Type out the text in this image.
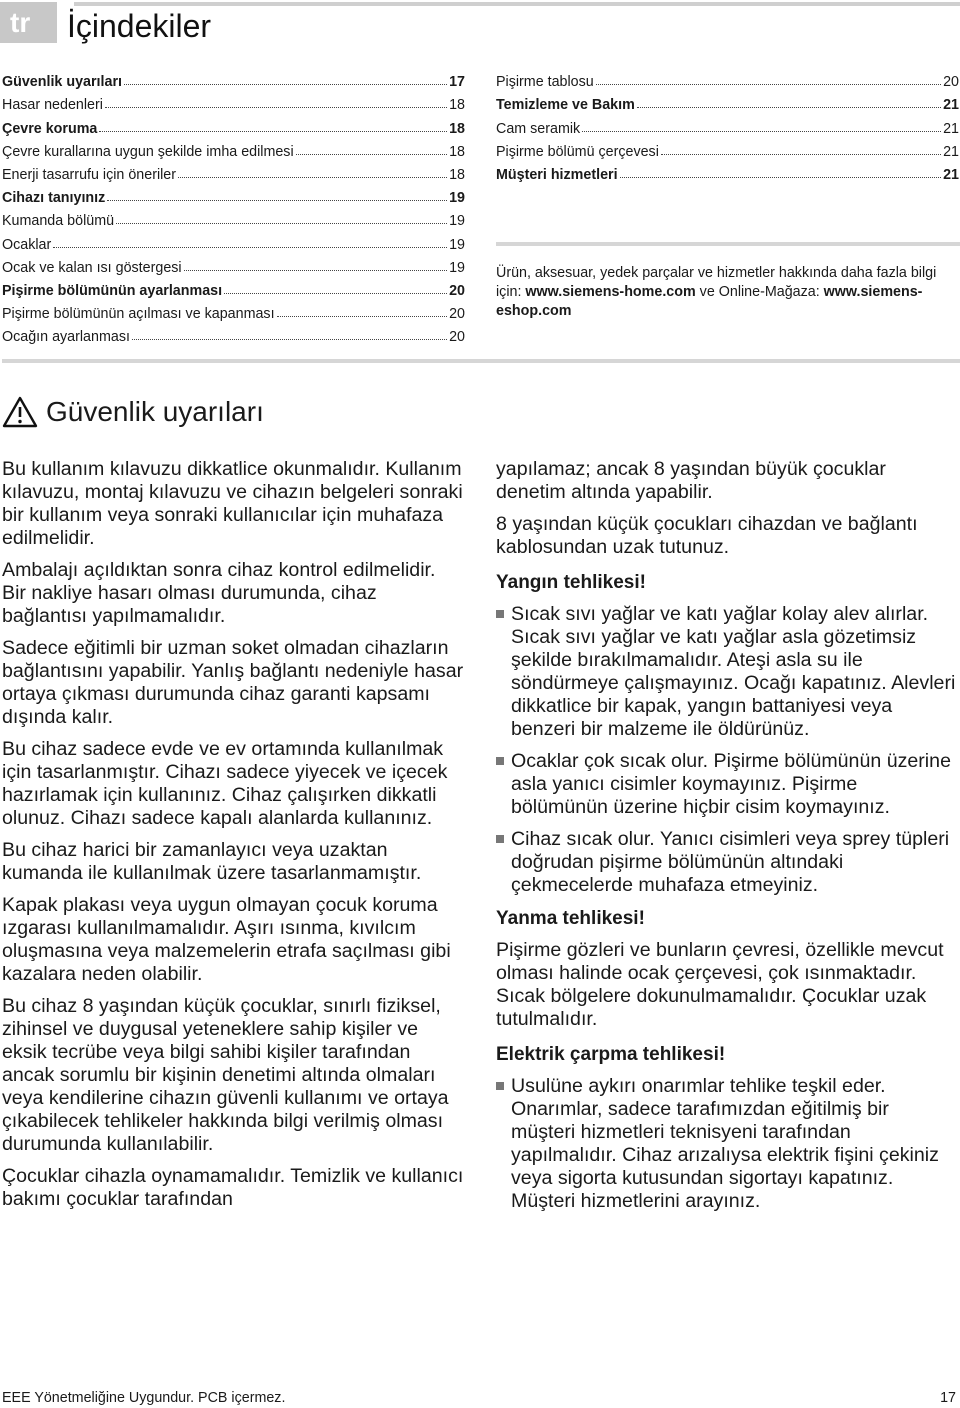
tr	İçindekiler
Güvenlik uyarıları	17
Hasar nedenleri	18
Çevre koruma	18
Çevre kurallarına uygun şekilde imha edilmesi	18
Enerji tasarrufu için öneriler	18
Cihazı tanıyınız	19
Kumanda bölümü	19
Ocaklar	19
Ocak ve kalan ısı göstergesi	19
Pişirme bölümünün ayarlanması	20
Pişirme bölümünün açılması ve kapanması	20
Ocağın ayarlanması	20
Pişirme tablosu	20
Temizleme ve Bakım	21
Cam seramik	21
Pişirme bölümü çerçevesi	21
Müşteri hizmetleri	21
Ürün, aksesuar, yedek parçalar ve hizmetler hakkında daha fazla bilgi için: www.siemens-home.com ve Online-Mağaza: www.siemens-eshop.com
Güvenlik uyarıları

Bu kullanım kılavuzu dikkatlice okunmalıdır. Kullanım kılavuzu, montaj kılavuzu ve cihazın belgeleri sonraki bir kullanım veya sonraki kullanıcılar için muhafaza edilmelidir.

Ambalajı açıldıktan sonra cihaz kontrol edilmelidir. Bir nakliye hasarı olması durumunda, cihaz bağlantısı yapılmamalıdır.

Sadece eğitimli bir uzman soket olmadan cihazların bağlantısını yapabilir. Yanlış bağlantı nedeniyle hasar ortaya çıkması durumunda cihaz garanti kapsamı dışında kalır.

Bu cihaz sadece evde ve ev ortamında kullanılmak için tasarlanmıştır. Cihazı sadece yiyecek ve içecek hazırlamak için kullanınız. Cihaz çalışırken dikkatli olunuz. Cihazı sadece kapalı alanlarda kullanınız.

Bu cihaz harici bir zamanlayıcı veya uzaktan kumanda ile kullanılmak üzere tasarlanmamıştır.

Kapak plakası veya uygun olmayan çocuk koruma ızgarası kullanılmamalıdır. Aşırı ısınma, kıvılcım oluşmasına veya malzemelerin etrafa saçılması gibi kazalara neden olabilir.

Bu cihaz 8 yaşından küçük çocuklar, sınırlı fiziksel, zihinsel ve duygusal yeteneklere sahip kişiler ve eksik tecrübe veya bilgi sahibi kişiler tarafından ancak sorumlu bir kişinin denetimi altında olmaları veya kendilerine cihazın güvenli kullanımı ve ortaya çıkabilecek tehlikeler hakkında bilgi verilmiş olması durumunda kullanılabilir.

Çocuklar cihazla oynamamalıdır. Temizlik ve kullanıcı bakımı çocuklar tarafından

yapılamaz; ancak 8 yaşından büyük çocuklar denetim altında yapabilir.

8 yaşından küçük çocukları cihazdan ve bağlantı kablosundan uzak tutunuz.

Yangın tehlikesi!
Sıcak sıvı yağlar ve katı yağlar kolay alev alırlar. Sıcak sıvı yağlar ve katı yağlar asla gözetimsiz şekilde bırakılmamalıdır. Ateşi asla su ile söndürmeye çalışmayınız. Ocağı kapatınız. Alevleri dikkatlice bir kapak, yangın battaniyesi veya benzeri bir malzeme ile öldürünüz.
Ocaklar çok sıcak olur. Pişirme bölümünün üzerine asla yanıcı cisimler koymayınız. Pişirme bölümünün üzerine hiçbir cisim koymayınız.
Cihaz sıcak olur. Yanıcı cisimleri veya sprey tüpleri doğrudan pişirme bölümünün altındaki çekmecelerde muhafaza etmeyiniz.
Yanma tehlikesi!

Pişirme gözleri ve bunların çevresi, özellikle mevcut olması halinde ocak çerçevesi, çok ısınmaktadır. Sıcak bölgelere dokunulmamalıdır. Çocuklar uzak tutulmalıdır.

Elektrik çarpma tehlikesi!
Usulüne aykırı onarımlar tehlike teşkil eder. Onarımlar, sadece tarafımızdan eğitilmiş bir müşteri hizmetleri teknisyeni tarafından yapılmalıdır. Cihaz arızalıysa elektrik fişini çekiniz veya sigorta kutusundan sigortayı kapatınız. Müşteri hizmetlerini arayınız.
EEE Yönetmeliğine Uygundur. PCB içermez.	17
